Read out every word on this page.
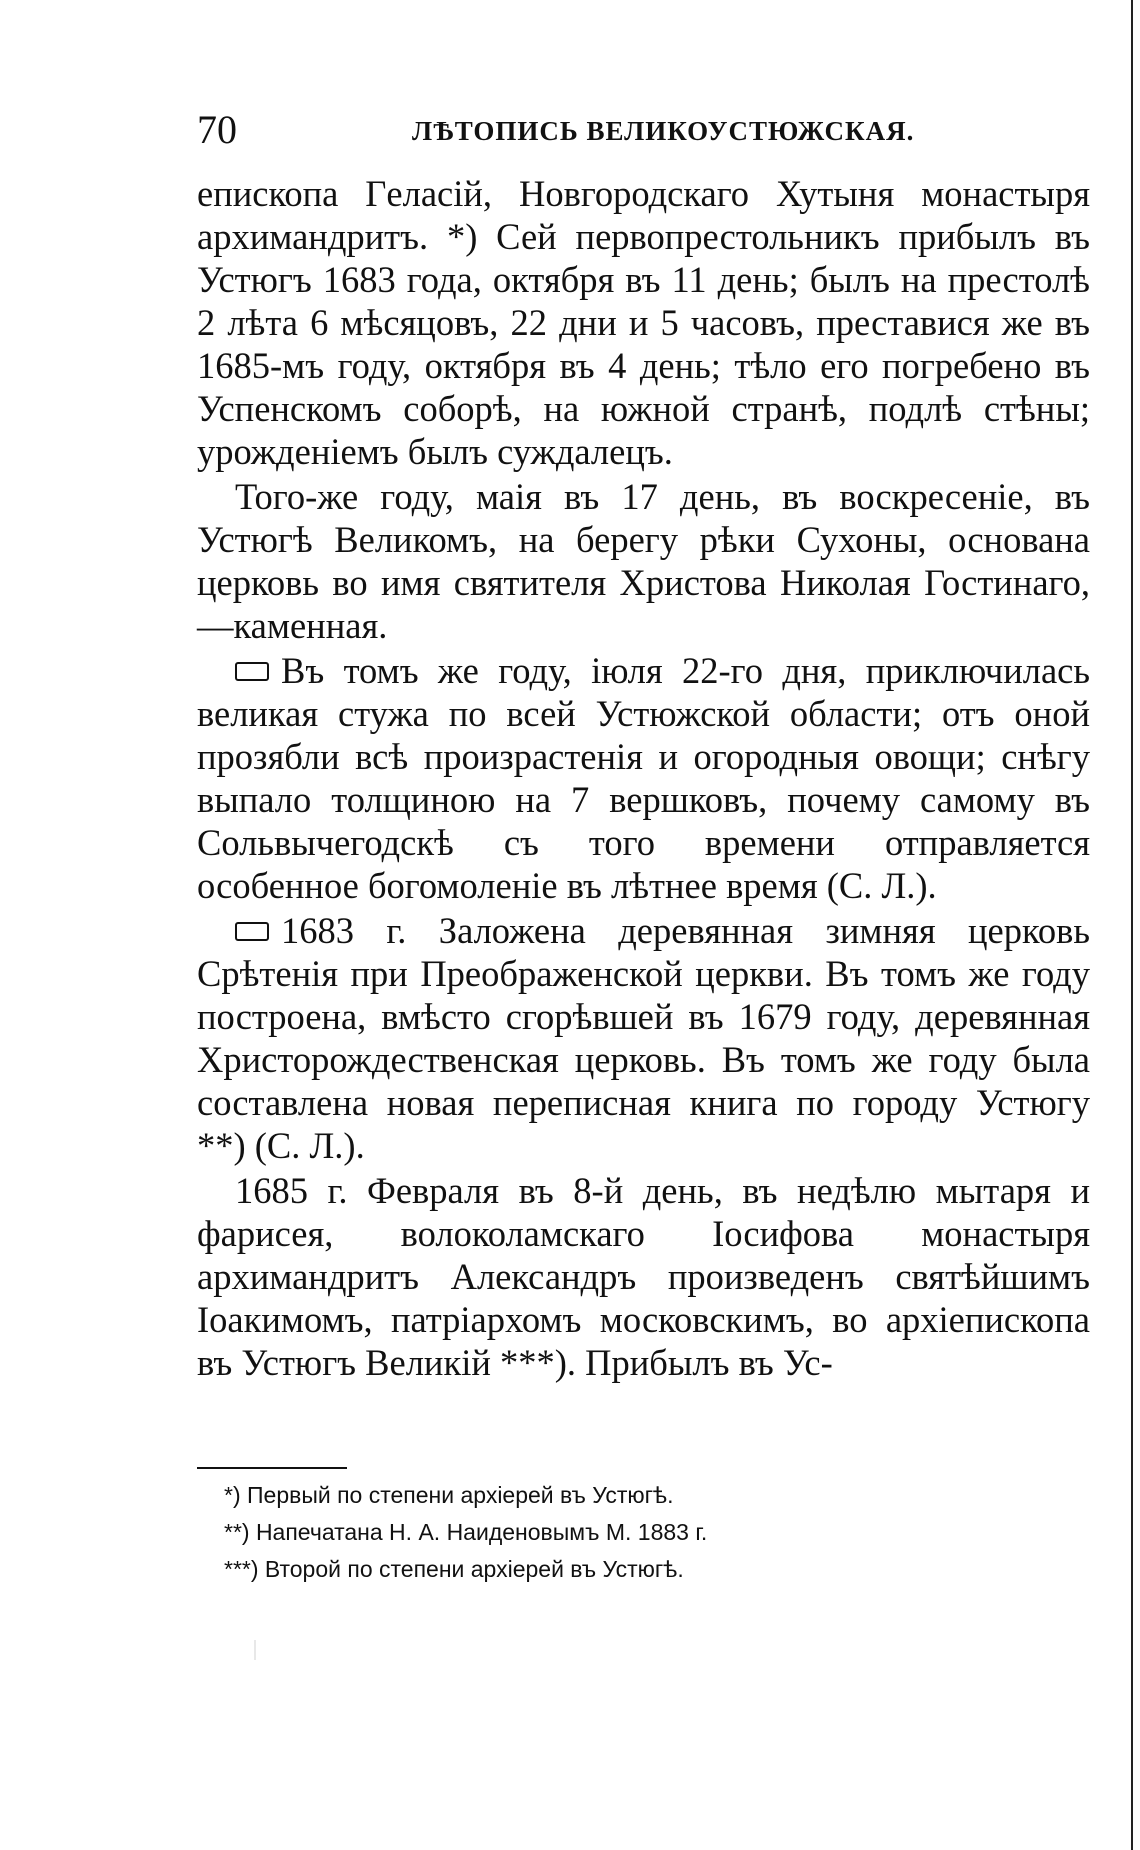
70	ЛѢТОПИСЬ ВЕЛИКОУСТЮЖСКАЯ.

епископа Гeласій, Новгородскаго Хутыня монастыря архимандритъ. *) Сей первопрестольникъ прибылъ въ Устюгъ 1683 года, октября въ 11 день; былъ на престолѣ 2 лѣта 6 мѣсяцовъ, 22 дни и 5 часовъ, преставися же въ 1685-мъ году, октября въ 4 день; тѣло его погребено въ Успенскомъ соборѣ, на южной странѣ, подлѣ стѣны; урожденіемъ былъ суждалецъ.

Того-же году, маія въ 17 день, въ воскресеніе, въ Устюгѣ Великомъ, на берегу рѣки Сухоны, основана церковь во имя святителя Христова Николая Гостинаго,—каменная.

Въ томъ же году, іюля 22-го дня, приключилась великая стужа по всей Устюжской области; отъ оной прозябли всѣ произрастенія и огородныя овощи; снѣгу выпало толщиною на 7 вершковъ, почему самому въ Сольвычегодскѣ съ того времени отправляется особенное богомоленіе въ лѣтнее время (С. Л.).

1683 г. Заложена деревянная зимняя церковь Срѣтенія при Преображенской церкви. Въ томъ же году построена, вмѣсто сгорѣвшей въ 1679 году, деревянная Христорождественская церковь. Въ томъ же году была составлена новая переписная книга по городу Устюгу **) (С. Л.).

1685 г. Февраля въ 8-й день, въ недѣлю мытаря и фарисея, волоколамскаго Іосифова монастыря архимандритъ Александръ произведенъ святѣйшимъ Іоакимомъ, патріархомъ московскимъ, во архіепископа въ Устюгъ Великій ***). Прибылъ въ Ус-

*) Первый по степени архіерей въ Устюгѣ.

**) Напечатана Н. А. Наиденовымъ М. 1883 г.

***) Второй по степени архіерей въ Устюгѣ.
